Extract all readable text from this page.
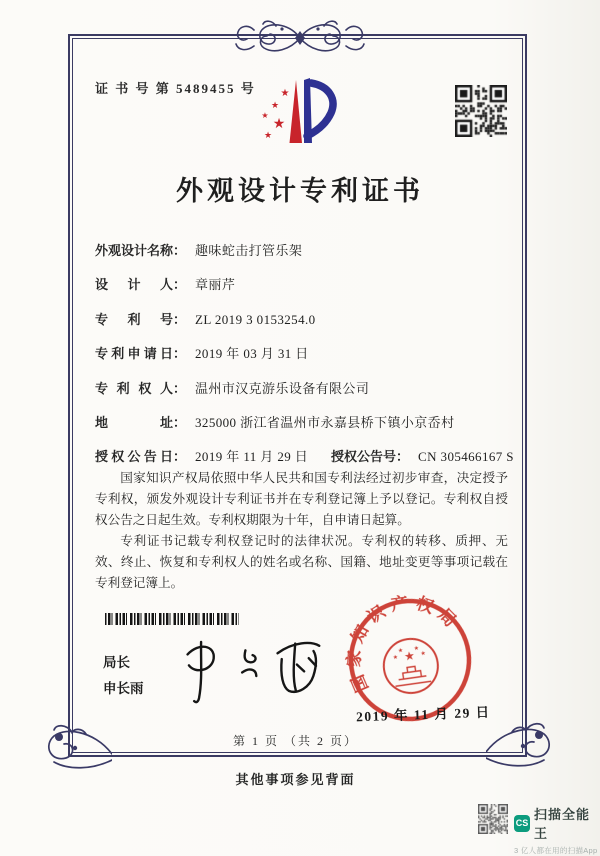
证 书 号 第 5489455 号
★
★
★
★
★
外观设计专利证书
外观设计名称： 趣味蛇击打管乐架
设计人： 章丽芹
专利号： ZL 2019 3 0153254.0
专利申请日： 2019 年 03 月 31 日
专利权人： 温州市汉克游乐设备有限公司
地址： 325000 浙江省温州市永嘉县桥下镇小京岙村
授权公告日： 2019 年 11 月 29 日 授权公告号： CN 305466167 S

国家知识产权局依照中华人民共和国专利法经过初步审查，决定授予专利权，颁发外观设计专利证书并在专利登记簿上予以登记。专利权自授权公告之日起生效。专利权期限为十年，自申请日起算。

专利证书记载专利权登记时的法律状况。专利权的转移、质押、无效、终止、恢复和专利权人的姓名或名称、国籍、地址变更等事项记载在专利登记簿上。

局长
申长雨	国家知识产权局
★
★
★ ★
★
2019 年 11 月 29 日
第 1 页 （共 2 页）
其他事项参见背面
CS
扫描全能王
3 亿人都在用的扫描App
